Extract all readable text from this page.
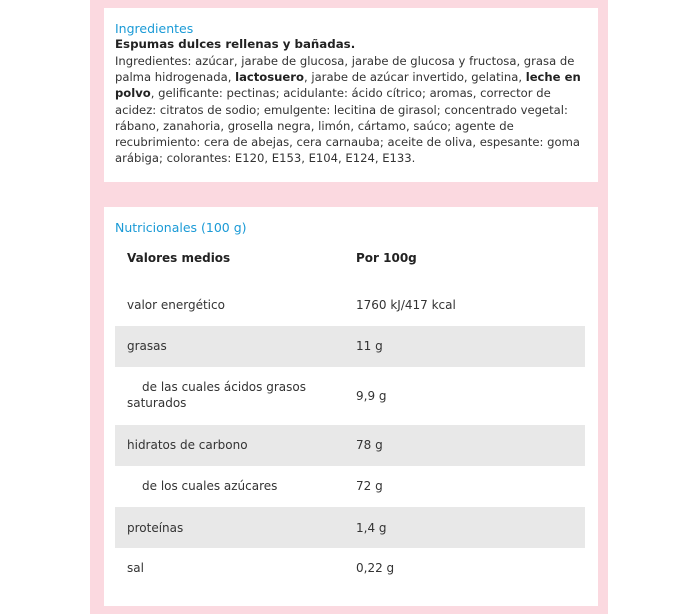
Ingredientes
Espumas dulces rellenas y bañadas.
Ingredientes: azúcar, jarabe de glucosa, jarabe de glucosa y fructosa, grasa de palma hidrogenada, lactosuero, jarabe de azúcar invertido, gelatina, leche en polvo, gelificante: pectinas; acidulante: ácido cítrico; aromas, corrector de acidez: citratos de sodio; emulgente: lecitina de girasol; concentrado vegetal: rábano, zanahoria, grosella negra, limón, cártamo, saúco; agente de recubrimiento: cera de abejas, cera carnauba; aceite de oliva, espesante: goma arábiga; colorantes: E120, E153, E104, E124, E133.
Nutricionales (100 g)
Valores medios	Por 100g
valor energético	1760 kJ/417 kcal
grasas	11 g
de las cuales ácidos grasos saturados	9,9 g
hidratos de carbono	78 g
de los cuales azúcares	72 g
proteínas	1,4 g
sal	0,22 g
